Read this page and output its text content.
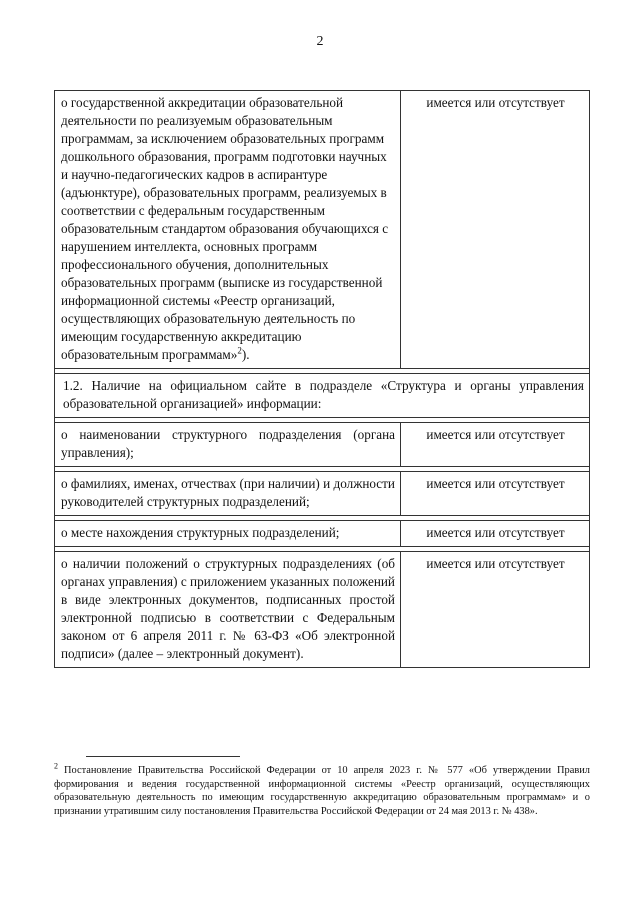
2
о государственной аккредитации образовательной деятельности по реализуемым образовательным программам, за исключением образовательных программ дошкольного образования, программ подготовки научных и научно-педагогических кадров в аспирантуре (адъюнктуре), образовательных программ, реализуемых в соответствии с федеральным государственным образовательным стандартом образования обучающихся с нарушением интеллекта, основных программ профессионального обучения, дополнительных образовательных программ (выписке из государственной информационной системы «Реестр организаций, осуществляющих образовательную деятельность по имеющим государственную аккредитацию образовательным программам»$^2$).	имеется или отсутствует

1.2. Наличие на официальном сайте в подразделе «Структура и органы управления образовательной организацией» информации:	

о наименовании структурного подразделения (органа управления);	имеется или отсутствует

о фамилиях, именах, отчествах (при наличии) и должности руководителей структурных подразделений;	имеется или отсутствует

о месте нахождения структурных подразделений;	имеется или отсутствует

о наличии положений о структурных подразделениях (об органах управления) с приложением указанных положений в виде электронных документов, подписанных простой электронной подписью в соответствии с Федеральным законом от 6 апреля 2011 г. № 63-ФЗ «Об электронной подписи» (далее – электронный документ).	имеется или отсутствует
$^2$ Постановление Правительства Российской Федерации от 10 апреля 2023 г. № 577 «Об утверждении Правил формирования и ведения государственной информационной системы «Реестр организаций, осуществляющих образовательную деятельность по имеющим государственную аккредитацию образовательным программам» и о признании утратившим силу постановления Правительства Российской Федерации от 24 мая 2013 г. № 438».
